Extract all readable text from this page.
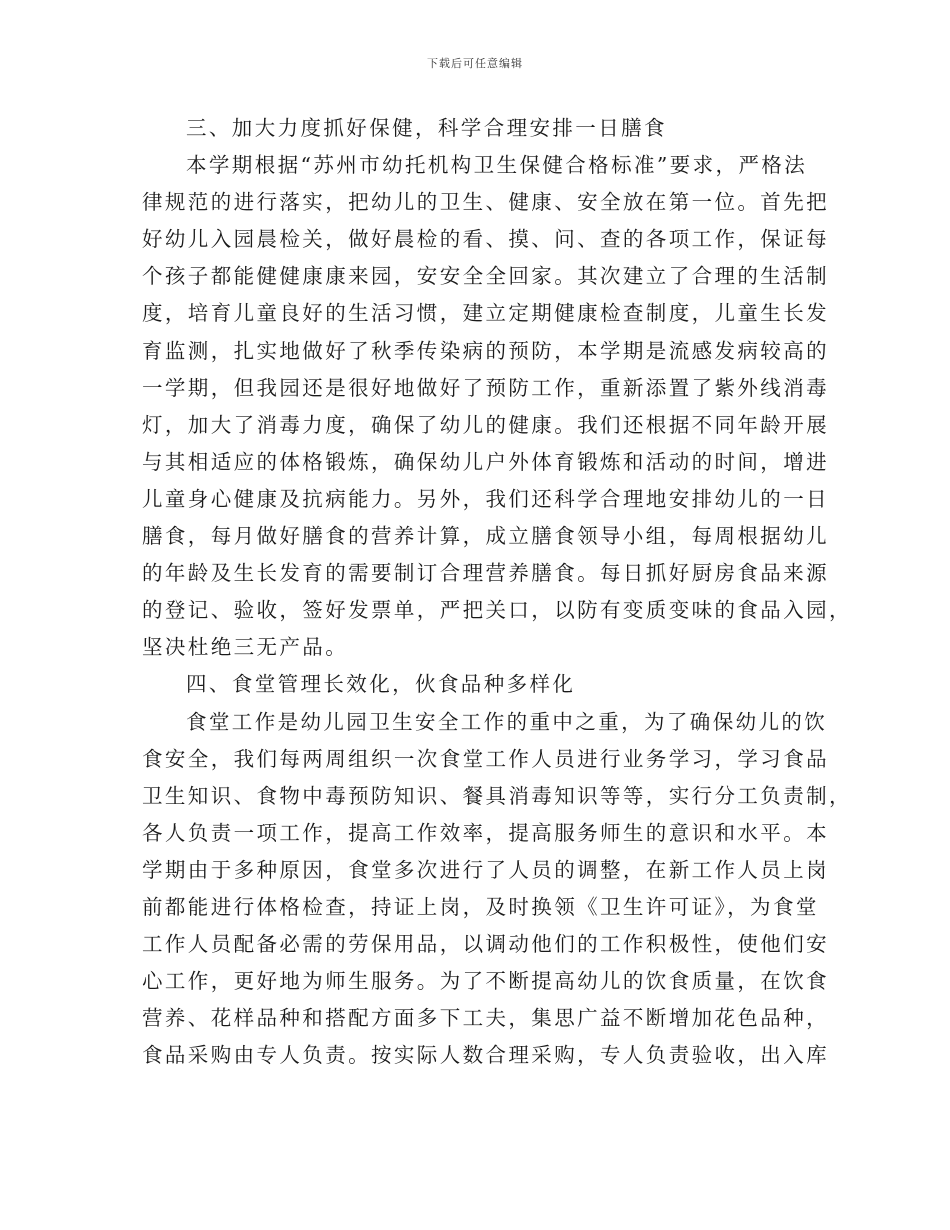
下载后可任意编辑
三、加大力度抓好保健，科学合理安排一日膳食
本学期根据“苏州市幼托机构卫生保健合格标准”要求，严格法
律规范的进行落实，把幼儿的卫生、健康、安全放在第一位。首先把
好幼儿入园晨检关，做好晨检的看、摸、问、查的各项工作，保证每
个孩子都能健健康康来园，安安全全回家。其次建立了合理的生活制
度，培育儿童良好的生活习惯，建立定期健康检查制度，儿童生长发
育监测，扎实地做好了秋季传染病的预防，本学期是流感发病较高的
一学期，但我园还是很好地做好了预防工作，重新添置了紫外线消毒
灯，加大了消毒力度，确保了幼儿的健康。我们还根据不同年龄开展
与其相适应的体格锻炼，确保幼儿户外体育锻炼和活动的时间，增进
儿童身心健康及抗病能力。另外，我们还科学合理地安排幼儿的一日
膳食，每月做好膳食的营养计算，成立膳食领导小组，每周根据幼儿
的年龄及生长发育的需要制订合理营养膳食。每日抓好厨房食品来源
的登记、验收，签好发票单，严把关口，以防有变质变味的食品入园，
坚决杜绝三无产品。
四、食堂管理长效化，伙食品种多样化
食堂工作是幼儿园卫生安全工作的重中之重，为了确保幼儿的饮
食安全，我们每两周组织一次食堂工作人员进行业务学习，学习食品
卫生知识、食物中毒预防知识、餐具消毒知识等等，实行分工负责制，
各人负责一项工作，提高工作效率，提高服务师生的意识和水平。本
学期由于多种原因，食堂多次进行了人员的调整，在新工作人员上岗
前都能进行体格检查，持证上岗，及时换领《卫生许可证》，为食堂
工作人员配备必需的劳保用品，以调动他们的工作积极性，使他们安
心工作，更好地为师生服务。为了不断提高幼儿的饮食质量，在饮食
营养、花样品种和搭配方面多下工夫，集思广益不断增加花色品种，
食品采购由专人负责。按实际人数合理采购，专人负责验收，出入库
